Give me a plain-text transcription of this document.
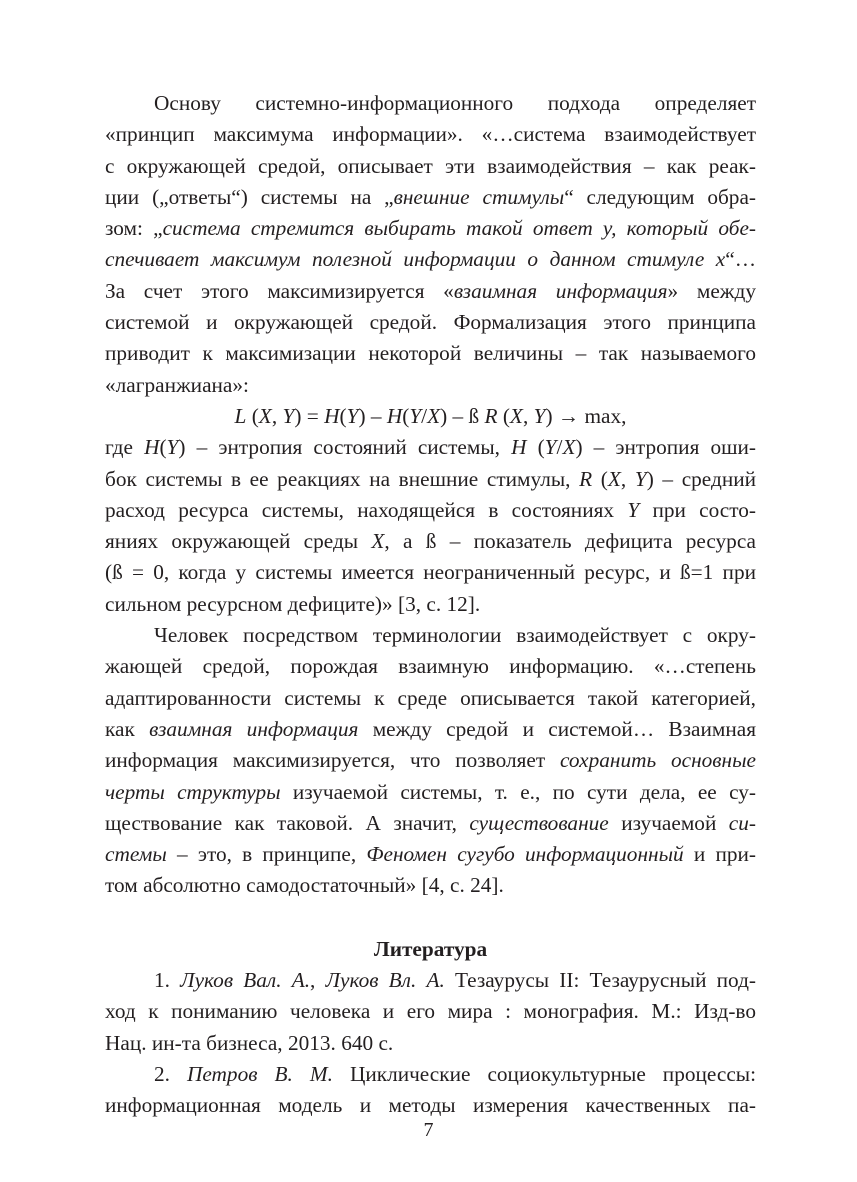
Основу системно-информационного подхода определяет
«принцип максимума информации». «…система взаимодействует
с окружающей средой, описывает эти взаимодействия – как реак-
ции („ответы“) системы на „внешние стимулы“ следующим обра-
зом: „система стремится выбирать такой ответ y, который обе-
спечивает максимум полезной информации о данном стимуле x“…
За счет этого максимизируется «взаимная информация» между
системой и окружающей средой. Формализация этого принципа
приводит к максимизации некоторой величины – так называемого
«лагранжиана»:
L (X, Y) = H(Y) – H(Y/X) – ß R (X, Y) → max,
где H(Y) – энтропия состояний системы, H (Y/X) – энтропия оши-
бок системы в ее реакциях на внешние стимулы, R (X, Y) – средний
расход ресурса системы, находящейся в состояниях Y при состо-
яниях окружающей среды X, а ß – показатель дефицита ресурса
(ß = 0, когда у системы имеется неограниченный ресурс, и ß=1 при
сильном ресурсном дефиците)» [3, с. 12].
Человек посредством терминологии взаимодействует с окру-
жающей средой, порождая взаимную информацию. «…степень
адаптированности системы к среде описывается такой категорией,
как взаимная информация между средой и системой… Взаимная
информация максимизируется, что позволяет сохранить основные
черты структуры изучаемой системы, т. е., по сути дела, ее су-
ществование как таковой. А значит, существование изучаемой си-
стемы – это, в принципе, Феномен сугубо информационный и при-
том абсолютно самодостаточный» [4, с. 24].
Литература
1. Луков Вал. А., Луков Вл. А. Тезаурусы II: Тезаурусный под-
ход к пониманию человека и его мира : монография. М.: Изд-во
Нац. ин-та бизнеса, 2013. 640 с.
2. Петров В. М. Циклические социокультурные процессы:
информационная модель и методы измерения качественных па-
7
